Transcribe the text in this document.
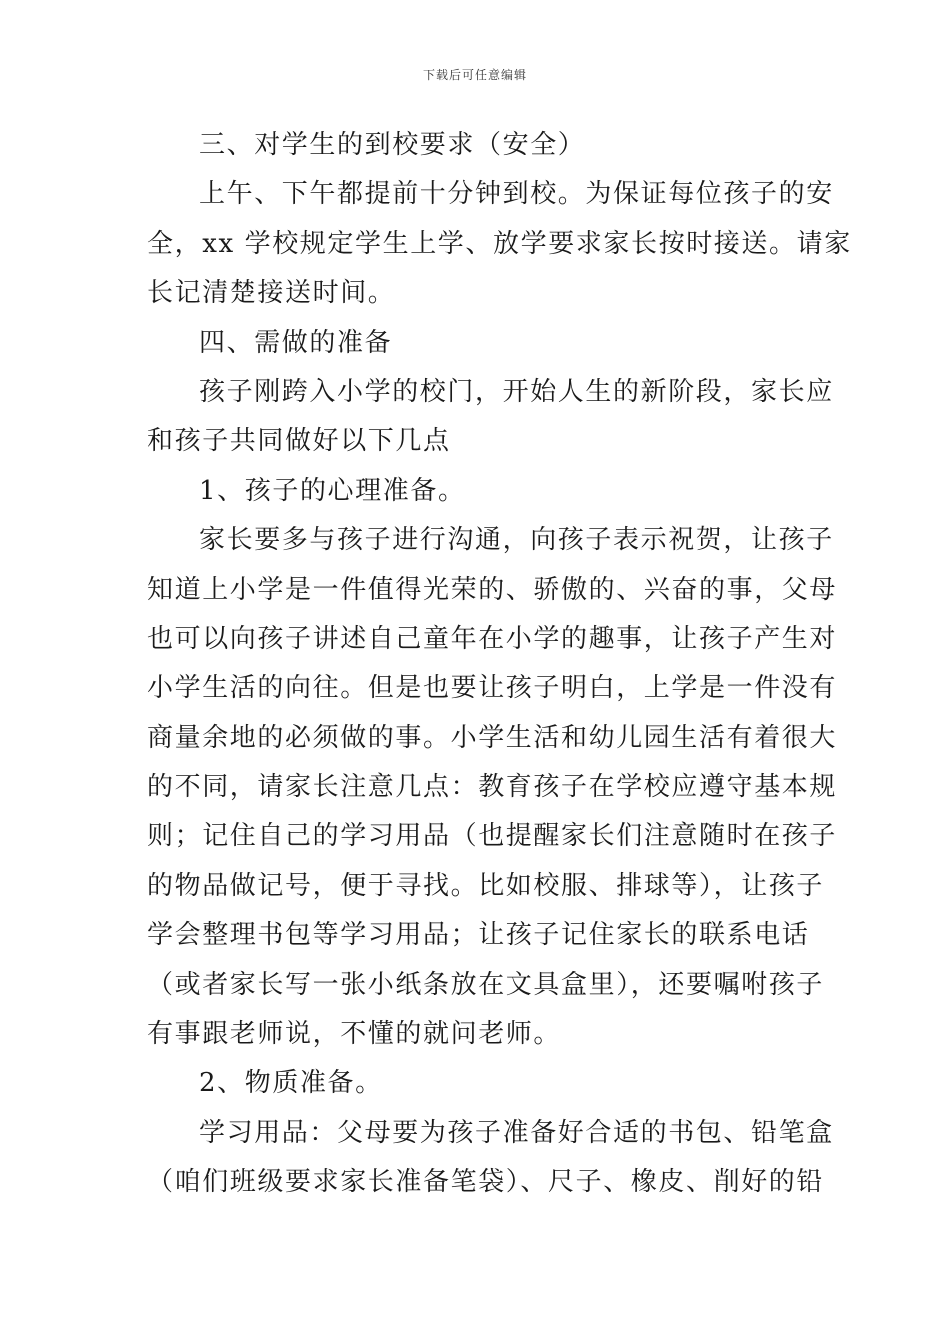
下载后可任意编辑
三、对学生的到校要求（安全）
上午、下午都提前十分钟到校。为保证每位孩子的安
全，xx 学校规定学生上学、放学要求家长按时接送。请家
长记清楚接送时间。
四、需做的准备
孩子刚跨入小学的校门，开始人生的新阶段，家长应
和孩子共同做好以下几点
1、孩子的心理准备。
家长要多与孩子进行沟通，向孩子表示祝贺，让孩子
知道上小学是一件值得光荣的、骄傲的、兴奋的事，父母
也可以向孩子讲述自己童年在小学的趣事，让孩子产生对
小学生活的向往。但是也要让孩子明白，上学是一件没有
商量余地的必须做的事。小学生活和幼儿园生活有着很大
的不同，请家长注意几点：教育孩子在学校应遵守基本规
则；记住自己的学习用品（也提醒家长们注意随时在孩子
的物品做记号，便于寻找。比如校服、排球等），让孩子
学会整理书包等学习用品；让孩子记住家长的联系电话
（或者家长写一张小纸条放在文具盒里），还要嘱咐孩子
有事跟老师说，不懂的就问老师。
2、物质准备。
学习用品：父母要为孩子准备好合适的书包、铅笔盒
（咱们班级要求家长准备笔袋）、尺子、橡皮、削好的铅
